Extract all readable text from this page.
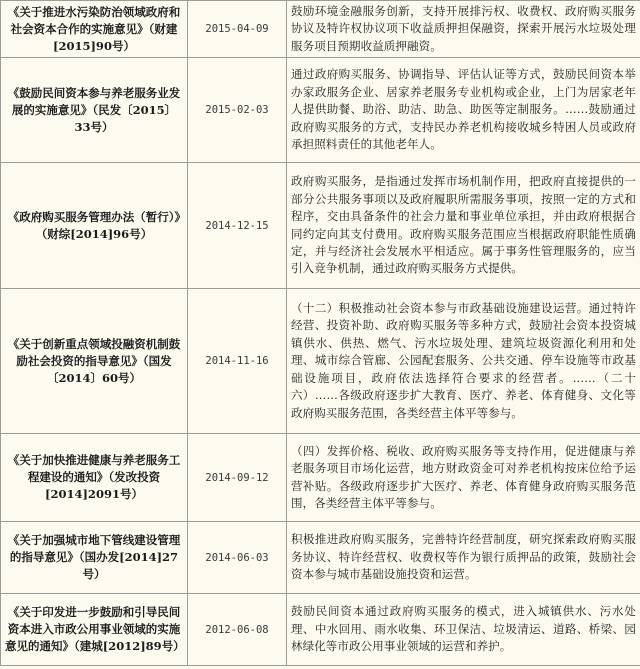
《关于推进水污染防治领域政府和社会资本合作的实施意见》（财建[2015]90号）	2015-04-09	鼓励环境金融服务创新，支持开展排污权、收费权、政府购买服务协议及特许权协议项下收益质押担保融资，探索开展污水垃圾处理服务项目预期收益质押融资。
《鼓励民间资本参与养老服务业发展的实施意见》（民发〔2015〕33号）	2015-02-03	通过政府购买服务、协调指导、评估认证等方式，鼓励民间资本举办家政服务企业、居家养老服务专业机构或企业，上门为居家老年人提供助餐、助浴、助洁、助急、助医等定制服务。……鼓励通过政府购买服务的方式，支持民办养老机构接收城乡特困人员或政府承担照料责任的其他老年人。
《政府购买服务管理办法（暂行）》（财综[2014]96号）	2014-12-15	政府购买服务，是指通过发挥市场机制作用，把政府直接提供的一部分公共服务事项以及政府履职所需服务事项，按照一定的方式和程序，交由具备条件的社会力量和事业单位承担，并由政府根据合同约定向其支付费用。政府购买服务范围应当根据政府职能性质确定，并与经济社会发展水平相适应。属于事务性管理服务的，应当引入竞争机制，通过政府购买服务方式提供。
《关于创新重点领域投融资机制鼓励社会投资的指导意见》（国发〔2014〕60号）	2014-11-16	（十二）积极推动社会资本参与市政基础设施建设运营。通过特许经营、投资补助、政府购买服务等多种方式，鼓励社会资本投资城镇供水、供热、燃气、污水垃圾处理、建筑垃圾资源化利用和处理、城市综合管廊、公园配套服务、公共交通、停车设施等市政基础设施项目，政府依法选择符合要求的经营者。……（二十六）……各级政府逐步扩大教育、医疗、养老、体育健身、文化等政府购买服务范围，各类经营主体平等参与。
《关于加快推进健康与养老服务工程建设的通知》（发改投资[2014]2091号）	2014-09-12	（四）发挥价格、税收、政府购买服务等支持作用，促进健康与养老服务项目市场化运营，地方财政资金可对养老机构按床位给予运营补贴。各级政府逐步扩大医疗、养老、体育健身政府购买服务范围，各类经营主体平等参与。
《关于加强城市地下管线建设管理的指导意见》（国办发[2014]27号）	2014-06-03	积极推进政府购买服务，完善特许经营制度，研究探索政府购买服务协议、特许经营权、收费权等作为银行质押品的政策，鼓励社会资本参与城市基础设施投资和运营。
《关于印发进一步鼓励和引导民间资本进入市政公用事业领域的实施意见的通知》（建城[2012]89号）	2012-06-08	鼓励民间资本通过政府购买服务的模式，进入城镇供水、污水处理、中水回用、雨水收集、环卫保洁、垃圾清运、道路、桥梁、园林绿化等市政公用事业领域的运营和养护。
